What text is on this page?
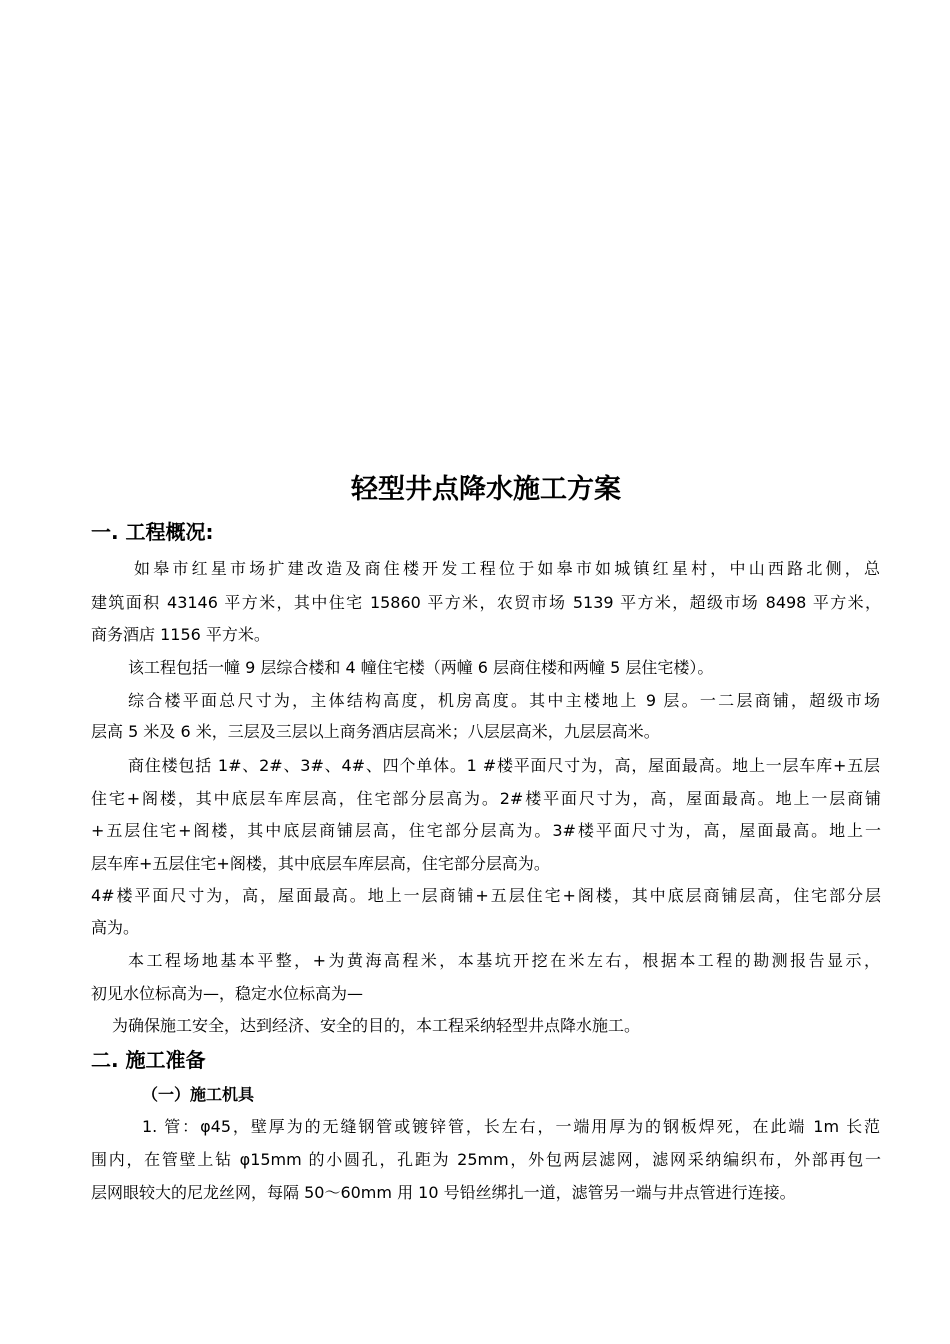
轻型井点降水施工方案
一. 工程概况:

如皋市红星市场扩建改造及商住楼开发工程位于如皋市如城镇红星村，中山西路北侧，总

建筑面积 43146 平方米，其中住宅 15860 平方米，农贸市场 5139 平方米，超级市场 8498 平方米，

商务酒店 1156 平方米。

该工程包括一幢 9 层综合楼和 4 幢住宅楼（两幢 6 层商住楼和两幢 5 层住宅楼）。

综合楼平面总尺寸为，主体结构高度，机房高度。其中主楼地上 9 层。一二层商铺，超级市场

层高 5 米及 6 米，三层及三层以上商务酒店层高米；八层层高米，九层层高米。

商住楼包括 1#、2#、3#、4#、四个单体。1 #楼平面尺寸为，高，屋面最高。地上一层车库+五层

住宅+阁楼，其中底层车库层高，住宅部分层高为。2#楼平面尺寸为，高，屋面最高。地上一层商铺

+五层住宅+阁楼，其中底层商铺层高，住宅部分层高为。3#楼平面尺寸为，高，屋面最高。地上一

层车库+五层住宅+阁楼，其中底层车库层高，住宅部分层高为。

4#楼平面尺寸为，高，屋面最高。地上一层商铺+五层住宅+阁楼，其中底层商铺层高，住宅部分层

高为。

本工程场地基本平整，+为黄海高程米，本基坑开挖在米左右，根据本工程的勘测报告显示，

初见水位标高为—，稳定水位标高为—

为确保施工安全，达到经济、安全的目的，本工程采纳轻型井点降水施工。

二. 施工准备
（一）施工机具

1. 管：φ45，壁厚为的无缝钢管或镀锌管，长左右，一端用厚为的钢板焊死，在此端 1m 长范

围内，在管壁上钻 φ15mm 的小圆孔，孔距为 25mm，外包两层滤网，滤网采纳编织布，外部再包一

层网眼较大的尼龙丝网，每隔 50～60mm 用 10 号铅丝绑扎一道，滤管另一端与井点管进行连接。
